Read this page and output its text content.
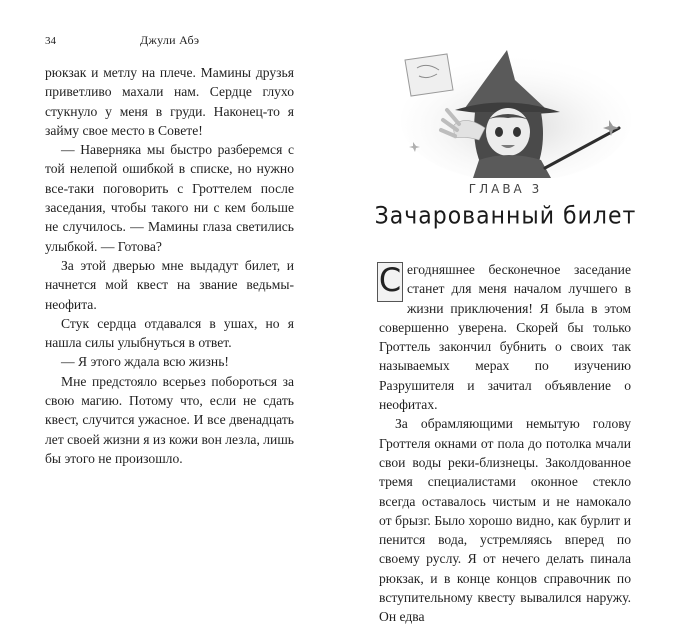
34	Джули Абэ

рюкзак и метлу на плече. Мамины друзья приветливо махали нам. Сердце глухо стукнуло у меня в груди. Наконец-то я займу свое место в Совете!

— Наверняка мы быстро разберемся с той нелепой ошибкой в списке, но нужно все-таки поговорить с Гроттелем после заседания, чтобы такого ни с кем больше не случилось. — Мамины глаза светились улыбкой. — Готова?

За этой дверью мне выдадут билет, и начнется мой квест на звание ведьмы-неофита.

Стук сердца отдавался в ушах, но я нашла силы улыбнуться в ответ.

— Я этого ждала всю жизнь!

Мне предстояло всерьез побороться за свою магию. Потому что, если не сдать квест, случится ужасное. И все двенадцать лет своей жизни я из кожи вон лезла, лишь бы этого не произошло.

ГЛАВА 3
Зачарованный билет

С егодняшнее бесконечное заседание станет для меня началом лучшего в жизни приключения! Я была в этом совершенно уверена. Скорей бы только Гроттель закончил бубнить о своих так называемых мерах по изучению Разрушителя и зачитал объявление о неофитах.

За обрамляющими немытую голову Гроттеля окнами от пола до потолка мчали свои воды реки-близнецы. Заколдованное тремя специалистами оконное стекло всегда оставалось чистым и не намокало от брызг. Было хорошо видно, как бурлит и пенится вода, устремляясь вперед по своему руслу. Я от нечего делать пинала рюкзак, и в конце концов справочник по вступительному квесту вывалился наружу. Он едва
